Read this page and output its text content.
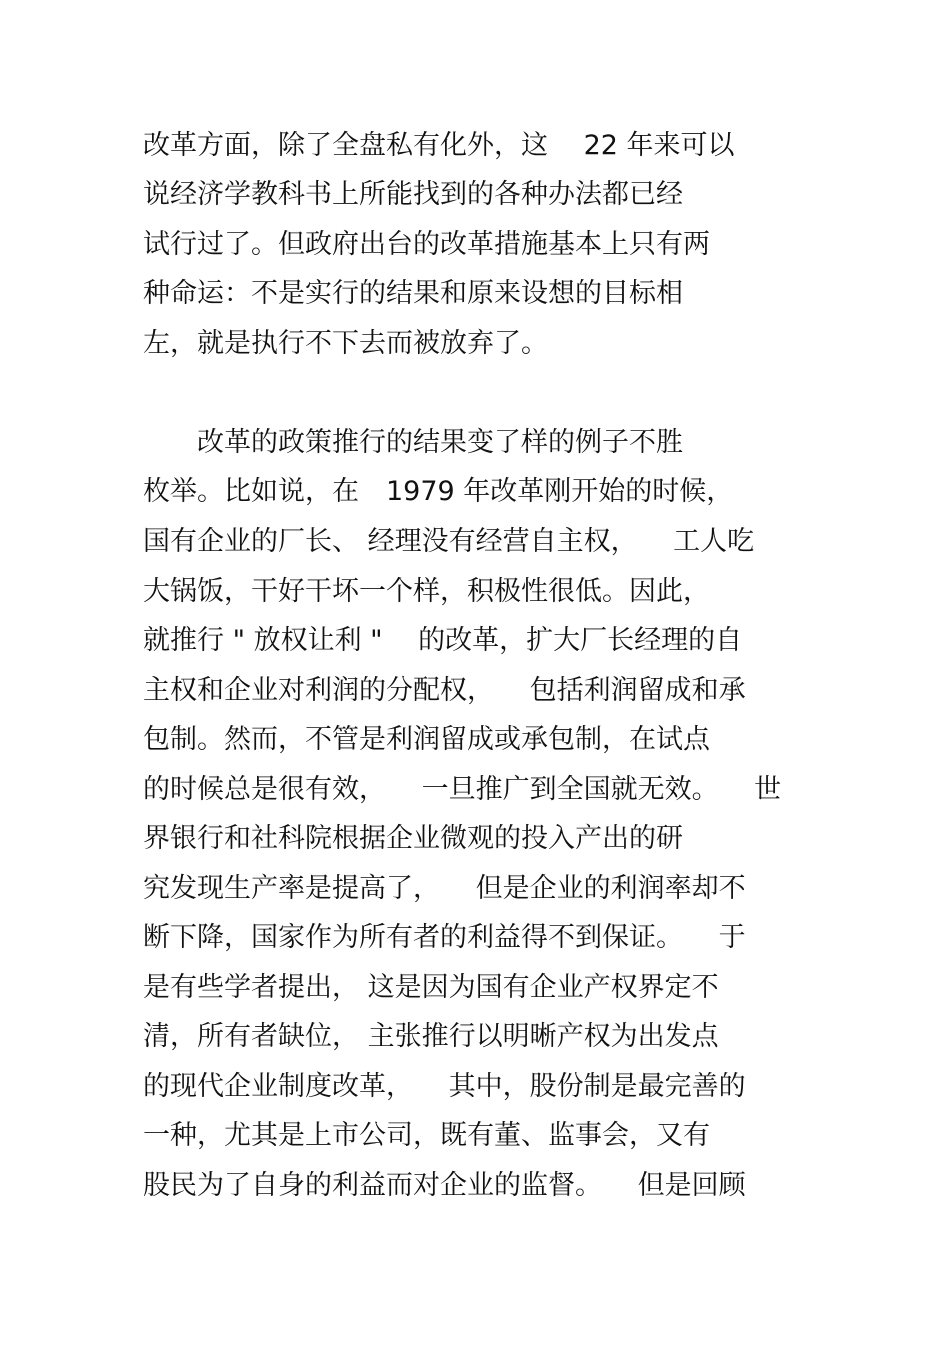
改革方面，除了全盘私有化外，这 　22 年来可以
说经济学教科书上所能找到的各种办法都已经
试行过了。但政府出台的改革措施基本上只有两
种命运：不是实行的结果和原来设想的目标相
左，就是执行不下去而被放弃了。
　　改革的政策推行的结果变了样的例子不胜
枚举。比如说，在　1979 年改革刚开始的时候，
国有企业的厂长、 经理没有经营自主权， 　工人吃
大锅饭，干好干坏一个样，积极性很低。因此，
就推行 " 放权让利 " 　的改革，扩大厂长经理的自
主权和企业对利润的分配权， 　包括利润留成和承
包制。然而，不管是利润留成或承包制，在试点
的时候总是很有效， 　一旦推广到全国就无效。 　世
界银行和社科院根据企业微观的投入产出的研
究发现生产率是提高了， 　但是企业的利润率却不
断下降，国家作为所有者的利益得不到保证。 　于
是有些学者提出， 这是因为国有企业产权界定不
清，所有者缺位， 主张推行以明晰产权为出发点
的现代企业制度改革， 　其中，股份制是最完善的
一种，尤其是上市公司，既有董、监事会，又有
股民为了自身的利益而对企业的监督。 　但是回顾
